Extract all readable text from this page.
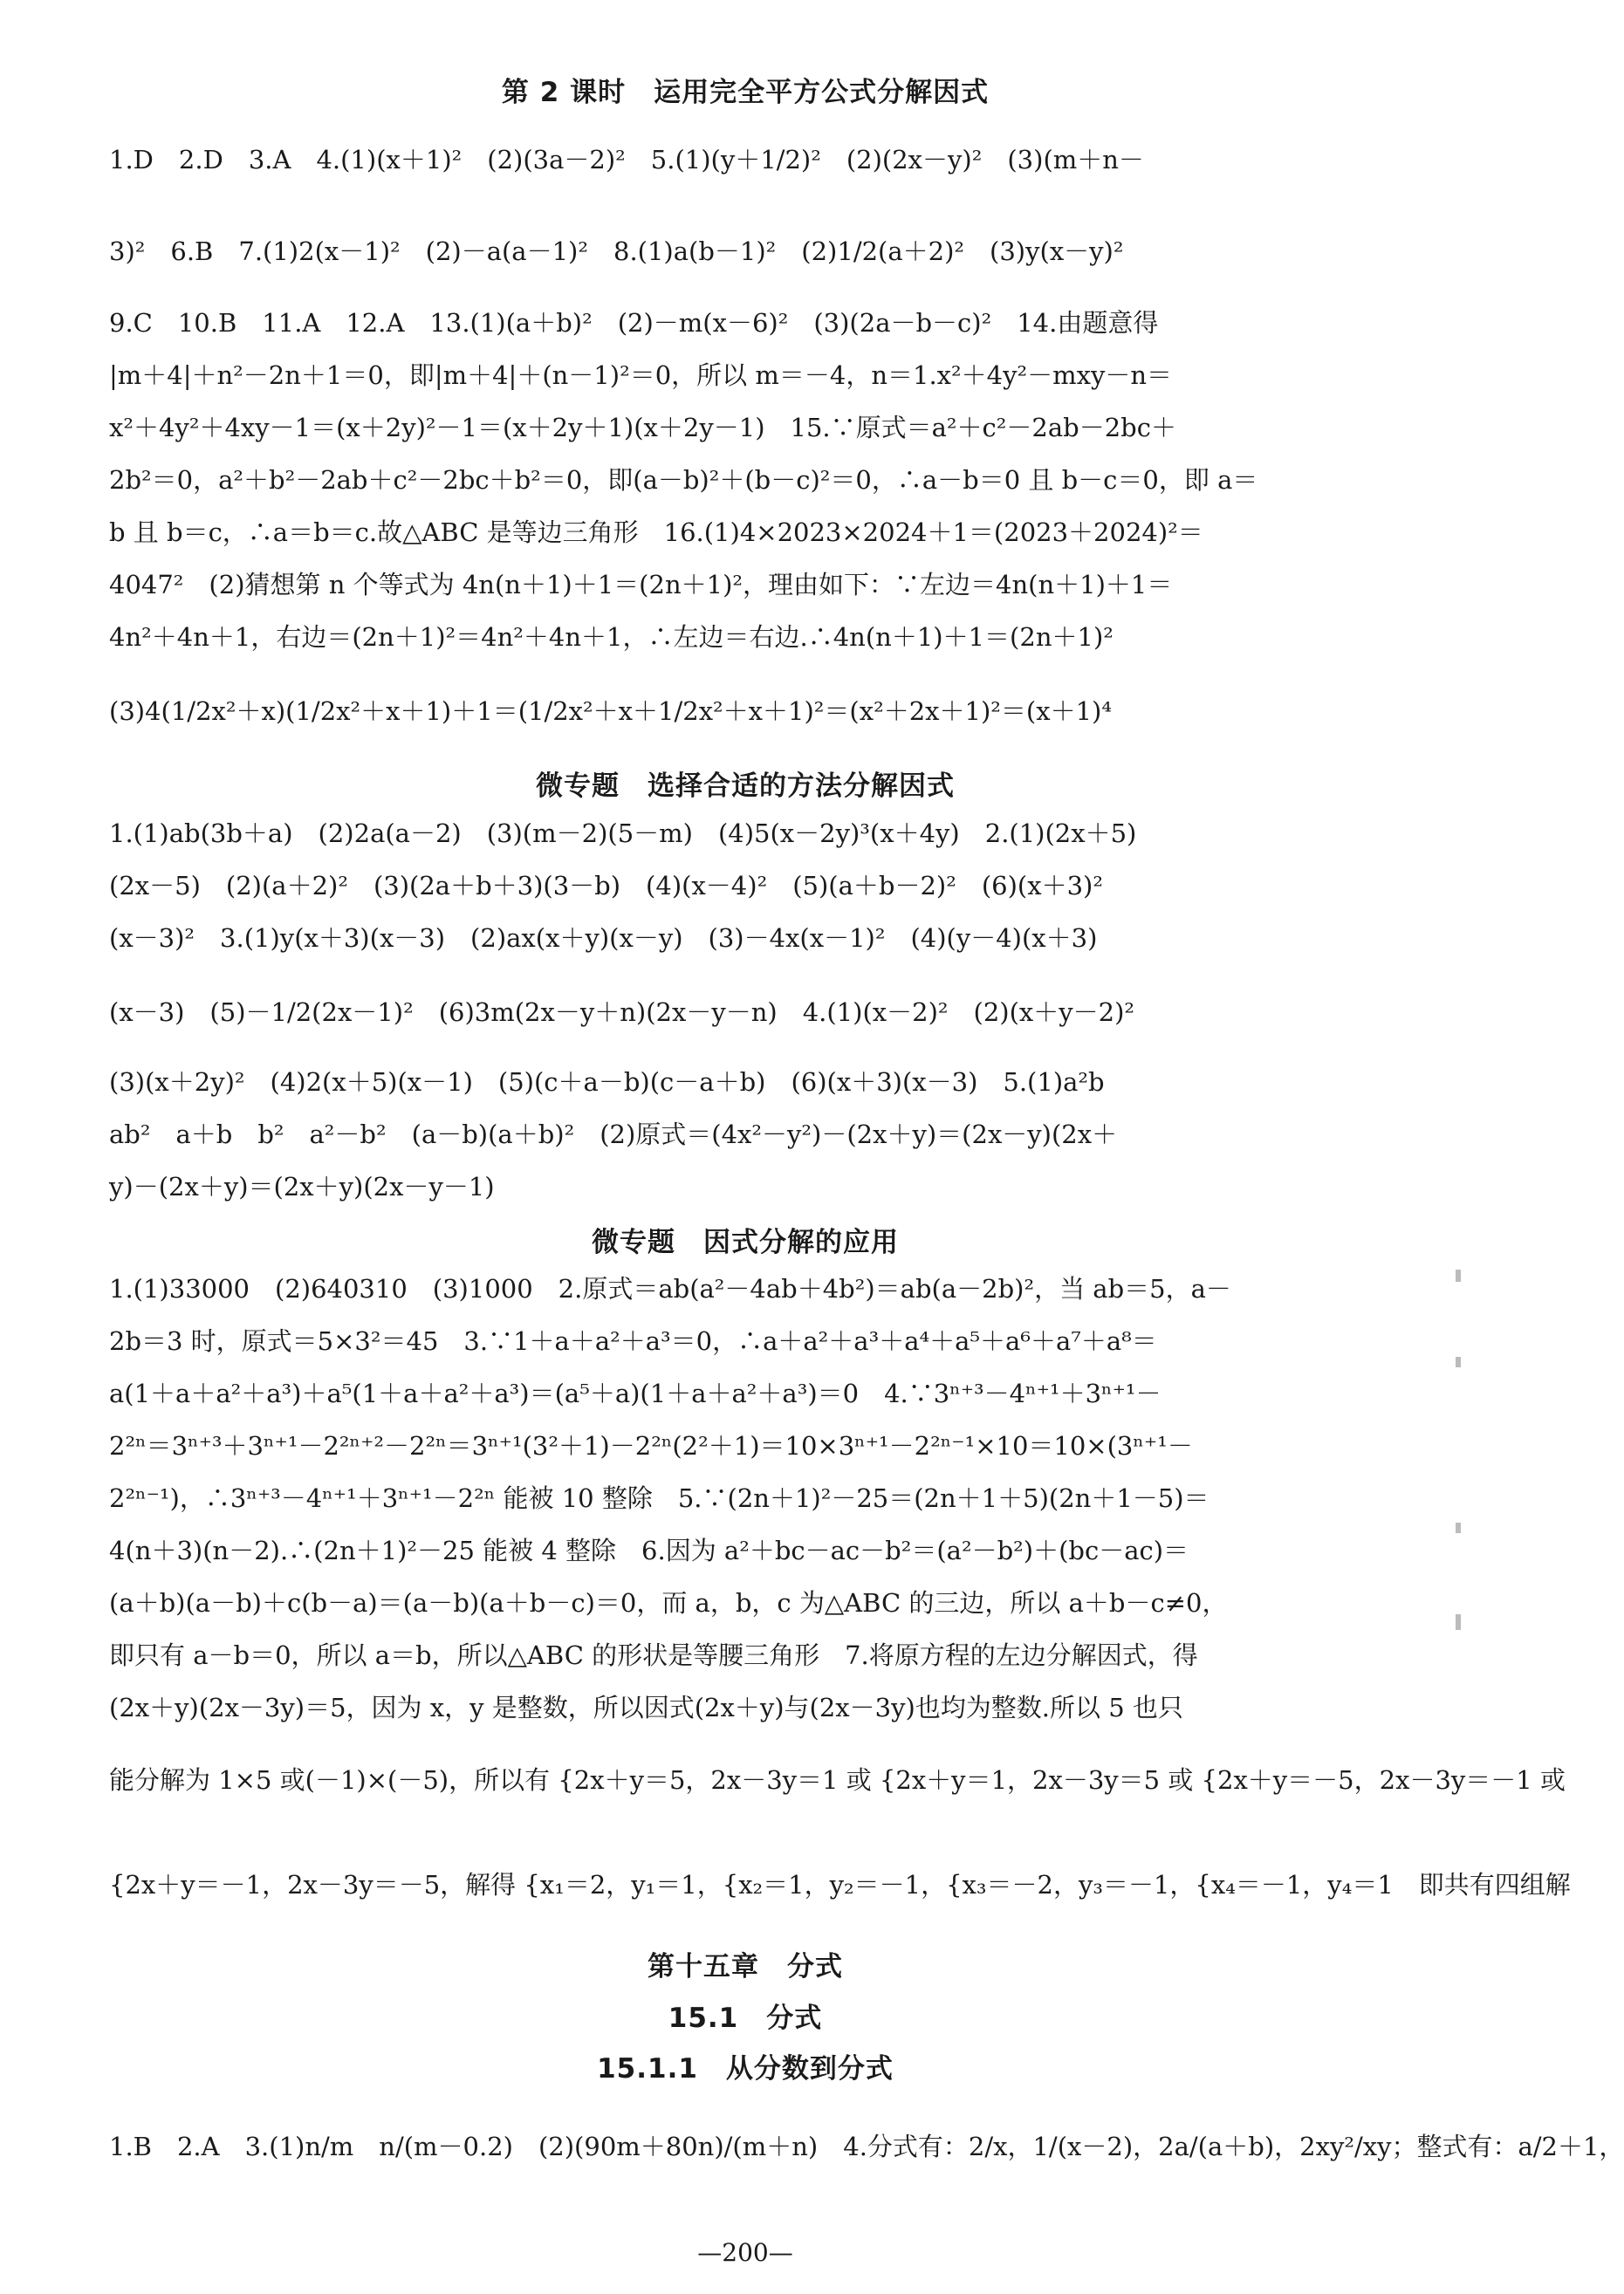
第 2 课时　运用完全平方公式分解因式
1.D　2.D　3.A　4.(1)(x＋1)²　(2)(3a－2)²　5.(1)(y＋1/2)²　(2)(2x－y)²　(3)(m＋n－
3)²　6.B　7.(1)2(x－1)²　(2)－a(a－1)²　8.(1)a(b－1)²　(2)1/2(a＋2)²　(3)y(x－y)²
9.C　10.B　11.A　12.A　13.(1)(a＋b)²　(2)－m(x－6)²　(3)(2a－b－c)²　14.由题意得
|m＋4|＋n²－2n＋1＝0，即|m＋4|＋(n－1)²＝0，所以 m＝－4，n＝1.x²＋4y²－mxy－n＝
x²＋4y²＋4xy－1＝(x＋2y)²－1＝(x＋2y＋1)(x＋2y－1)　15.∵原式＝a²＋c²－2ab－2bc＋
2b²＝0，a²＋b²－2ab＋c²－2bc＋b²＝0，即(a－b)²＋(b－c)²＝0，∴a－b＝0 且 b－c＝0，即 a＝
b 且 b＝c，∴a＝b＝c.故△ABC 是等边三角形　16.(1)4×2023×2024＋1＝(2023＋2024)²＝
4047²　(2)猜想第 n 个等式为 4n(n＋1)＋1＝(2n＋1)²，理由如下：∵左边＝4n(n＋1)＋1＝
4n²＋4n＋1，右边＝(2n＋1)²＝4n²＋4n＋1，∴左边＝右边.∴4n(n＋1)＋1＝(2n＋1)²
(3)4(1/2x²＋x)(1/2x²＋x＋1)＋1＝(1/2x²＋x＋1/2x²＋x＋1)²＝(x²＋2x＋1)²＝(x＋1)⁴
微专题　选择合适的方法分解因式
1.(1)ab(3b＋a)　(2)2a(a－2)　(3)(m－2)(5－m)　(4)5(x－2y)³(x＋4y)　2.(1)(2x＋5)
(2x－5)　(2)(a＋2)²　(3)(2a＋b＋3)(3－b)　(4)(x－4)²　(5)(a＋b－2)²　(6)(x＋3)²
(x－3)²　3.(1)y(x＋3)(x－3)　(2)ax(x＋y)(x－y)　(3)－4x(x－1)²　(4)(y－4)(x＋3)
(x－3)　(5)－1/2(2x－1)²　(6)3m(2x－y＋n)(2x－y－n)　4.(1)(x－2)²　(2)(x＋y－2)²
(3)(x＋2y)²　(4)2(x＋5)(x－1)　(5)(c＋a－b)(c－a＋b)　(6)(x＋3)(x－3)　5.(1)a²b
ab²　a＋b　b²　a²－b²　(a－b)(a＋b)²　(2)原式＝(4x²－y²)－(2x＋y)＝(2x－y)(2x＋
y)－(2x＋y)＝(2x＋y)(2x－y－1)
微专题　因式分解的应用
1.(1)33000　(2)640310　(3)1000　2.原式＝ab(a²－4ab＋4b²)＝ab(a－2b)²，当 ab＝5，a－
2b＝3 时，原式＝5×3²＝45　3.∵1＋a＋a²＋a³＝0，∴a＋a²＋a³＋a⁴＋a⁵＋a⁶＋a⁷＋a⁸＝
a(1＋a＋a²＋a³)＋a⁵(1＋a＋a²＋a³)＝(a⁵＋a)(1＋a＋a²＋a³)＝0　4.∵3ⁿ⁺³－4ⁿ⁺¹＋3ⁿ⁺¹－
2²ⁿ＝3ⁿ⁺³＋3ⁿ⁺¹－2²ⁿ⁺²－2²ⁿ＝3ⁿ⁺¹(3²＋1)－2²ⁿ(2²＋1)＝10×3ⁿ⁺¹－2²ⁿ⁻¹×10＝10×(3ⁿ⁺¹－
2²ⁿ⁻¹)，∴3ⁿ⁺³－4ⁿ⁺¹＋3ⁿ⁺¹－2²ⁿ 能被 10 整除　5.∵(2n＋1)²－25＝(2n＋1＋5)(2n＋1－5)＝
4(n＋3)(n－2).∴(2n＋1)²－25 能被 4 整除　6.因为 a²＋bc－ac－b²＝(a²－b²)＋(bc－ac)＝
(a＋b)(a－b)＋c(b－a)＝(a－b)(a＋b－c)＝0，而 a，b，c 为△ABC 的三边，所以 a＋b－c≠0，
即只有 a－b＝0，所以 a＝b，所以△ABC 的形状是等腰三角形　7.将原方程的左边分解因式，得
(2x＋y)(2x－3y)＝5，因为 x，y 是整数，所以因式(2x＋y)与(2x－3y)也均为整数.所以 5 也只
能分解为 1×5 或(－1)×(－5)，所以有 {2x＋y＝5，2x－3y＝1 或 {2x＋y＝1，2x－3y＝5 或 {2x＋y＝－5，2x－3y＝－1 或
{2x＋y＝－1，2x－3y＝－5，解得 {x₁＝2，y₁＝1，{x₂＝1，y₂＝－1，{x₃＝－2，y₃＝－1，{x₄＝－1，y₄＝1　即共有四组解
第十五章　分式
15.1　分式
15.1.1　从分数到分式
1.B　2.A　3.(1)n/m　n/(m－0.2)　(2)(90m＋80n)/(m＋n)　4.分式有：2/x，1/(x－2)，2a/(a＋b)，2xy²/xy；整式有：a/2＋1，
—200—
